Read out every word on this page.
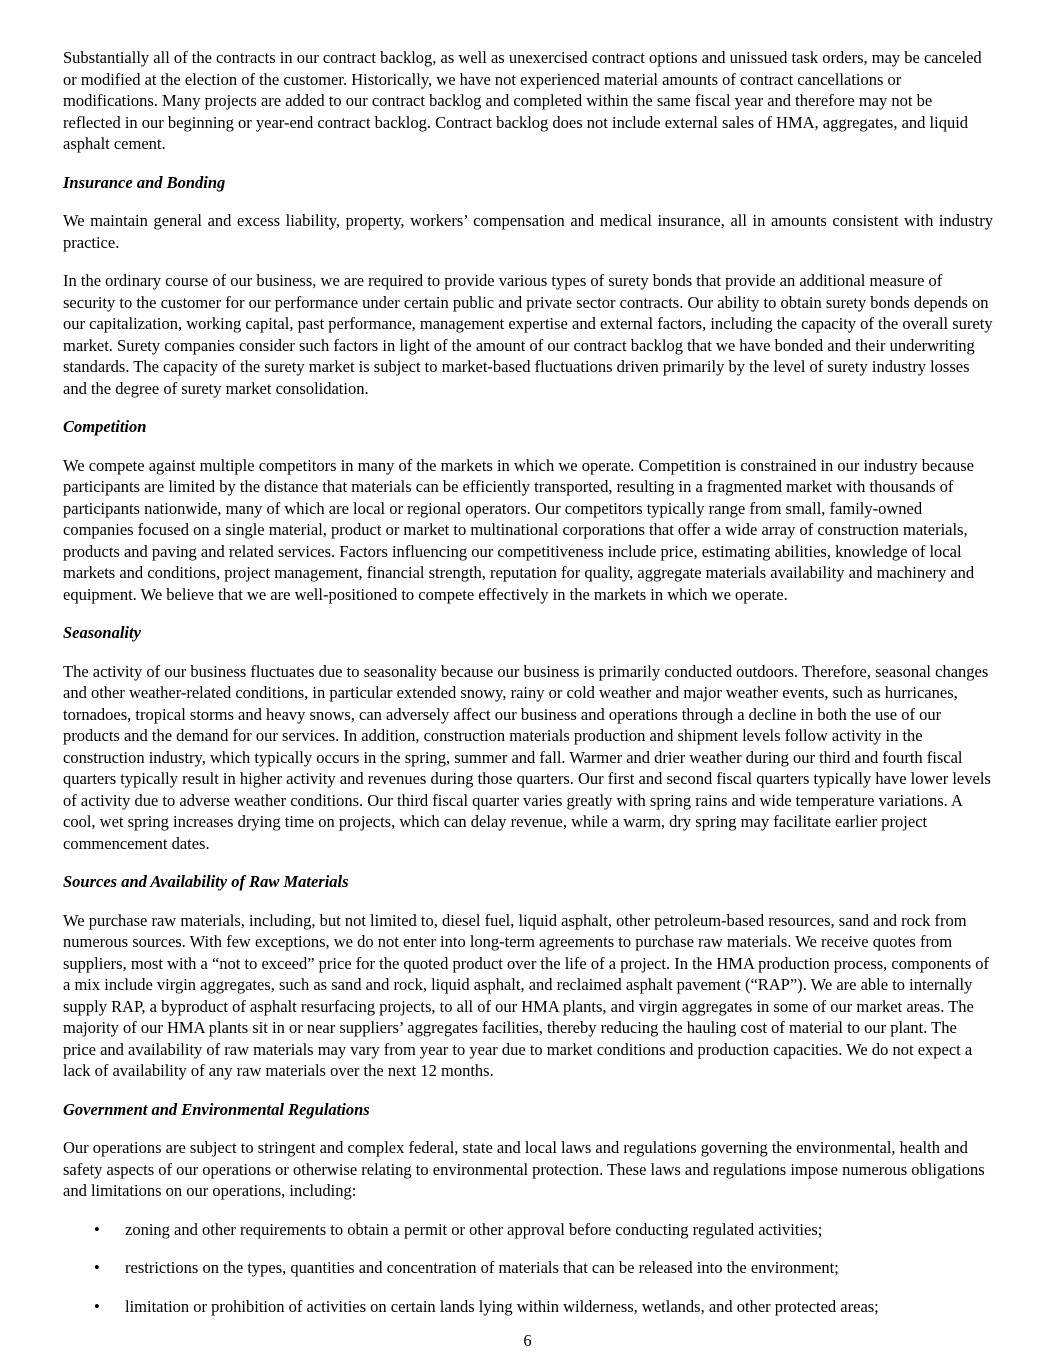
Substantially all of the contracts in our contract backlog, as well as unexercised contract options and unissued task orders, may be canceled or modified at the election of the customer. Historically, we have not experienced material amounts of contract cancellations or modifications. Many projects are added to our contract backlog and completed within the same fiscal year and therefore may not be reflected in our beginning or year-end contract backlog. Contract backlog does not include external sales of HMA, aggregates, and liquid asphalt cement.

Insurance and Bonding

We maintain general and excess liability, property, workers’ compensation and medical insurance, all in amounts consistent with industry practice.

In the ordinary course of our business, we are required to provide various types of surety bonds that provide an additional measure of security to the customer for our performance under certain public and private sector contracts. Our ability to obtain surety bonds depends on our capitalization, working capital, past performance, management expertise and external factors, including the capacity of the overall surety market. Surety companies consider such factors in light of the amount of our contract backlog that we have bonded and their underwriting standards. The capacity of the surety market is subject to market-based fluctuations driven primarily by the level of surety industry losses and the degree of surety market consolidation.

Competition

We compete against multiple competitors in many of the markets in which we operate. Competition is constrained in our industry because participants are limited by the distance that materials can be efficiently transported, resulting in a fragmented market with thousands of participants nationwide, many of which are local or regional operators. Our competitors typically range from small, family-owned companies focused on a single material, product or market to multinational corporations that offer a wide array of construction materials, products and paving and related services. Factors influencing our competitiveness include price, estimating abilities, knowledge of local markets and conditions, project management, financial strength, reputation for quality, aggregate materials availability and machinery and equipment. We believe that we are well-positioned to compete effectively in the markets in which we operate.

Seasonality

The activity of our business fluctuates due to seasonality because our business is primarily conducted outdoors. Therefore, seasonal changes and other weather-related conditions, in particular extended snowy, rainy or cold weather and major weather events, such as hurricanes, tornadoes, tropical storms and heavy snows, can adversely affect our business and operations through a decline in both the use of our products and the demand for our services. In addition, construction materials production and shipment levels follow activity in the construction industry, which typically occurs in the spring, summer and fall. Warmer and drier weather during our third and fourth fiscal quarters typically result in higher activity and revenues during those quarters. Our first and second fiscal quarters typically have lower levels of activity due to adverse weather conditions. Our third fiscal quarter varies greatly with spring rains and wide temperature variations. A cool, wet spring increases drying time on projects, which can delay revenue, while a warm, dry spring may facilitate earlier project commencement dates.

Sources and Availability of Raw Materials

We purchase raw materials, including, but not limited to, diesel fuel, liquid asphalt, other petroleum-based resources, sand and rock from numerous sources. With few exceptions, we do not enter into long-term agreements to purchase raw materials. We receive quotes from suppliers, most with a “not to exceed” price for the quoted product over the life of a project. In the HMA production process, components of a mix include virgin aggregates, such as sand and rock, liquid asphalt, and reclaimed asphalt pavement (“RAP”). We are able to internally supply RAP, a byproduct of asphalt resurfacing projects, to all of our HMA plants, and virgin aggregates in some of our market areas. The majority of our HMA plants sit in or near suppliers’ aggregates facilities, thereby reducing the hauling cost of material to our plant. The price and availability of raw materials may vary from year to year due to market conditions and production capacities. We do not expect a lack of availability of any raw materials over the next 12 months.

Government and Environmental Regulations

Our operations are subject to stringent and complex federal, state and local laws and regulations governing the environmental, health and safety aspects of our operations or otherwise relating to environmental protection. These laws and regulations impose numerous obligations and limitations on our operations, including:

•	zoning and other requirements to obtain a permit or other approval before conducting regulated activities;
•	restrictions on the types, quantities and concentration of materials that can be released into the environment;
•	limitation or prohibition of activities on certain lands lying within wilderness, wetlands, and other protected areas;
6
